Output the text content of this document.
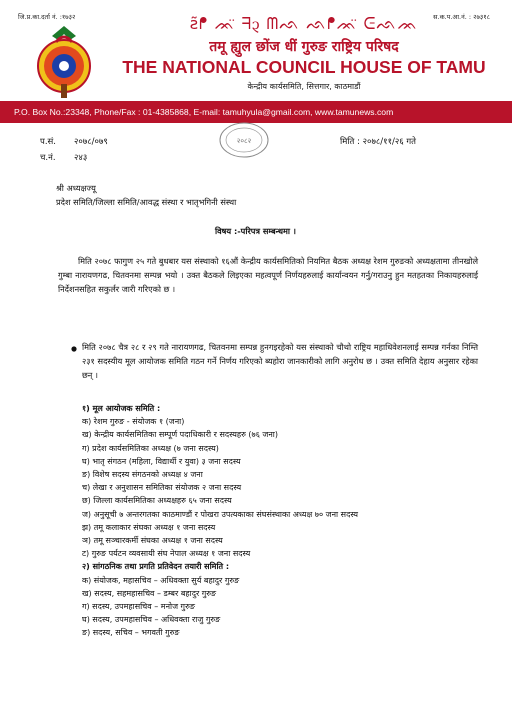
जि.प्र.का.दर्ता नं. :१७३२	स.क.प.आ.नं. : २७३१८
ꙅ̃ᖰ ᨏ̈ ᖷ᧓ ᗰᨒ ᨒᖰᨏ̈ ᕮᨒᨏ
तमू ह्युल छोंज धीं गुरुङ राष्ट्रिय परिषद
THE NATIONAL COUNCIL HOUSE OF TAMU
केन्द्रीय कार्यसमिति, सित्तगार, काठमाडौं
P.O. Box No.:23348, Phone/Fax : 01-4385868, E-mail: tamuhyula@gmail.com, www.tamunews.com
२०८२
प.सं. २०७८/०७९
च.नं. २४३
मिति : २०७८/११/२६ गते
श्री अध्यक्षज्यू
प्रदेश समिति/जिल्ला समिति/आवद्ध संस्था र भातृभगिनी संस्था
विषय :-परिपत्र सम्बन्धमा ।
मिति २०७८ फागुण २५ गते बुधबार यस संस्थाको १६औं केन्द्रीय कार्यसमितिको नियमित बैठक अध्यक्ष रेशम गुरुङको अध्यक्षतामा तीनखोले गुम्बा नारायणगढ, चितवनमा सम्पन्न भयो । उक्त बैठकले लिइएका महत्वपूर्ण निर्णयहरुलाई कार्यान्वयन गर्नु/गराउनु हुन मतहतका निकायहरुलाई निर्देशनसहित सकुर्लर जारी गरिएको छ ।
मिति २०७८ चैत्र २८ र २९ गते नारायणगढ, चितवनमा सम्पन्न हुनगइरहेको यस संस्थाको चौथो राष्ट्रिय महाधिवेशनलाई सम्पन्न गर्नका निम्ति २३१ सदस्यीय मूल आयोजक समिति गठन गर्ने निर्णय गरिएको ब्यहोरा जानकारीको लागि अनुरोध छ । उक्त समिति देहाय अनुसार रहेका छन् ।
१) मूल आयोजक समिति :
क) रेशम गुरुङ - संयोजक १ (जना)
ख) केन्द्रीय कार्यसमितिका सम्पूर्ण पदाधिकारी र सदस्यहरु (७६ जना)
ग) प्रदेश कार्यसमितिका अध्यक्ष (७ जना सदस्य)
घ) भातृ संगठन (महिला, विद्यार्थी र युवा) ३ जना सदस्य
ङ) विशेष सदस्य संगठनको अध्यक्ष ४ जना
च) लेखा र अनुशासन समितिका संयोजक २ जना सदस्य
छ) जिल्ला कार्यसमितिका अध्यक्षहरु ६५ जना सदस्य
ज) अनुसूची ७ अन्तरगतका काठमाण्डौं र पोखरा उपत्यकाका संघसंस्थाका अध्यक्ष ७० जना सदस्य
झ) तमू कलाकार संघका अध्यक्ष १ जना सदस्य
ञ) तमू सञ्चारकर्मी संघका अध्यक्ष १ जना सदस्य
ट) गुरुङ पर्यटन व्यवसायी संघ नेपाल अध्यक्ष १ जना सदस्य
२) सांगठनिक तथा प्रगति प्रतिवेदन तयारी समिति :
क) संयोजक, महासचिव – अधिवक्ता सुर्य बहादुर गुरुङ
ख) सदस्य, सहमहासचिव – डम्बर बहादुर गुरुङ
ग) सदस्य, उपमहासचिव – मनोज गुरुङ
घ) सदस्य, उपमहासचिव – अधिवक्ता राजु गुरुङ
ङ) सदस्य, सचिव – भगवती गुरुङ
